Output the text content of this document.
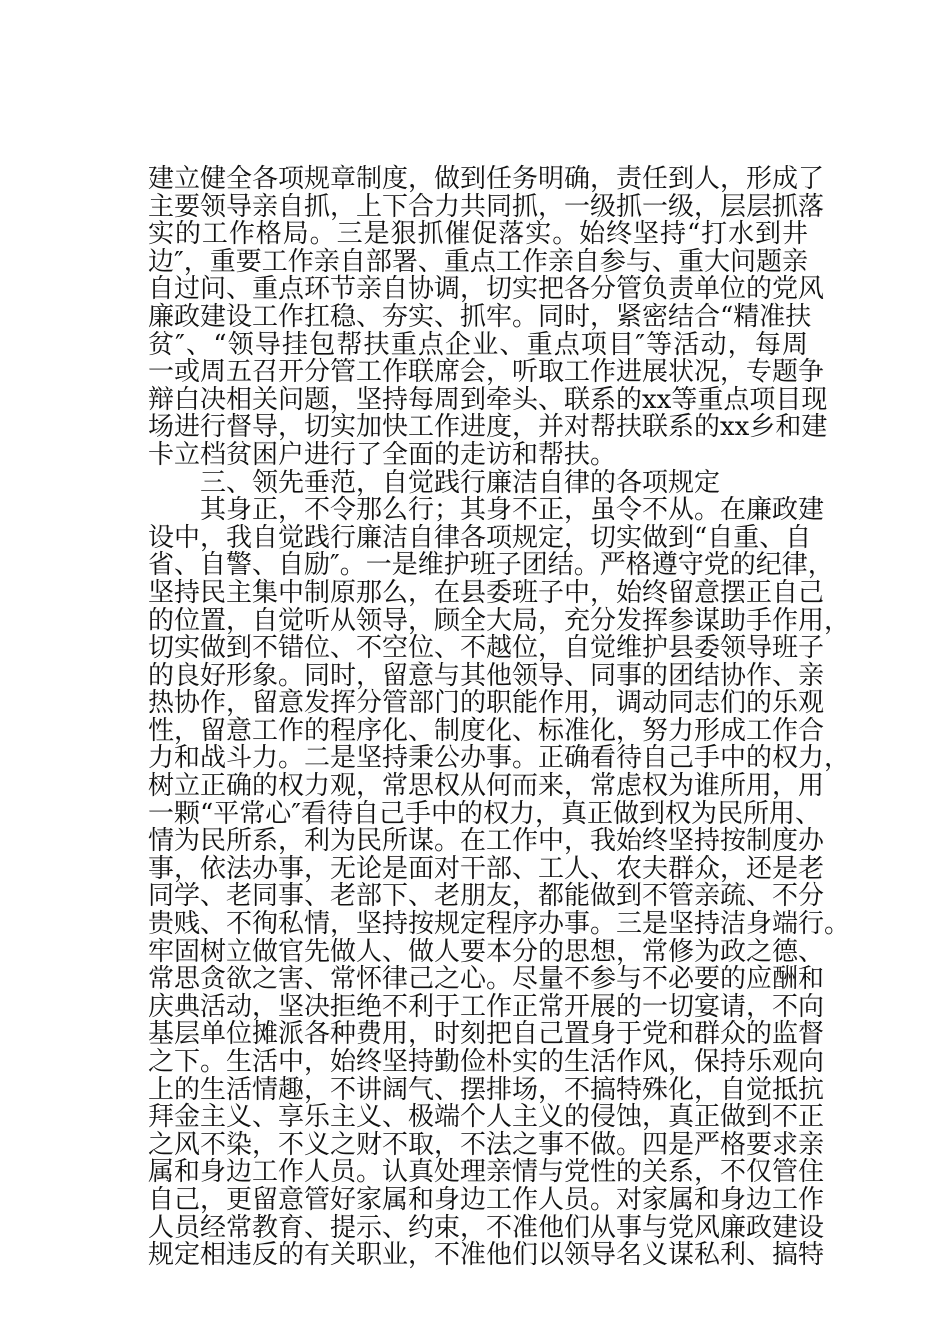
建立健全各项规章制度，做到任务明确，责任到人，形成了
主要领导亲自抓，上下合力共同抓，一级抓一级，层层抓落
实的工作格局。三是狠抓催促落实。始终坚持“打水到井
边″，重要工作亲自部署、重点工作亲自参与、重大问题亲
自过问、重点环节亲自协调，切实把各分管负责单位的党风
廉政建设工作扛稳、夯实、抓牢。同时，紧密结合“精准扶
贫″、“领导挂包帮扶重点企业、重点项目″等活动，每周
一或周五召开分管工作联席会，听取工作进展状况，专题争
辩白决相关问题，坚持每周到牵头、联系的xx等重点项目现
场进行督导，切实加快工作进度，并对帮扶联系的xx乡和建
卡立档贫困户进行了全面的走访和帮扶。
三、领先垂范，自觉践行廉洁自律的各项规定
其身正，不令那么行；其身不正，虽令不从。在廉政建
设中，我自觉践行廉洁自律各项规定，切实做到“自重、自
省、自警、自励″。一是维护班子团结。严格遵守党的纪律，
坚持民主集中制原那么，在县委班子中，始终留意摆正自己
的位置，自觉听从领导，顾全大局，充分发挥参谋助手作用，
切实做到不错位、不空位、不越位，自觉维护县委领导班子
的良好形象。同时，留意与其他领导、同事的团结协作、亲
热协作，留意发挥分管部门的职能作用，调动同志们的乐观
性，留意工作的程序化、制度化、标准化，努力形成工作合
力和战斗力。二是坚持秉公办事。正确看待自己手中的权力，
树立正确的权力观，常思权从何而来，常虑权为谁所用，用
一颗“平常心″看待自己手中的权力，真正做到权为民所用、
情为民所系，利为民所谋。在工作中，我始终坚持按制度办
事，依法办事，无论是面对干部、工人、农夫群众，还是老
同学、老同事、老部下、老朋友，都能做到不管亲疏、不分
贵贱、不徇私情，坚持按规定程序办事。三是坚持洁身端行。
牢固树立做官先做人、做人要本分的思想，常修为政之德、
常思贪欲之害、常怀律己之心。尽量不参与不必要的应酬和
庆典活动，坚决拒绝不利于工作正常开展的一切宴请，不向
基层单位摊派各种费用，时刻把自己置身于党和群众的监督
之下。生活中，始终坚持勤俭朴实的生活作风，保持乐观向
上的生活情趣，不讲阔气、摆排场，不搞特殊化，自觉抵抗
拜金主义、享乐主义、极端个人主义的侵蚀，真正做到不正
之风不染，不义之财不取，不法之事不做。四是严格要求亲
属和身边工作人员。认真处理亲情与党性的关系，不仅管住
自己，更留意管好家属和身边工作人员。对家属和身边工作
人员经常教育、提示、约束，不准他们从事与党风廉政建设
规定相违反的有关职业，不准他们以领导名义谋私利、搞特
